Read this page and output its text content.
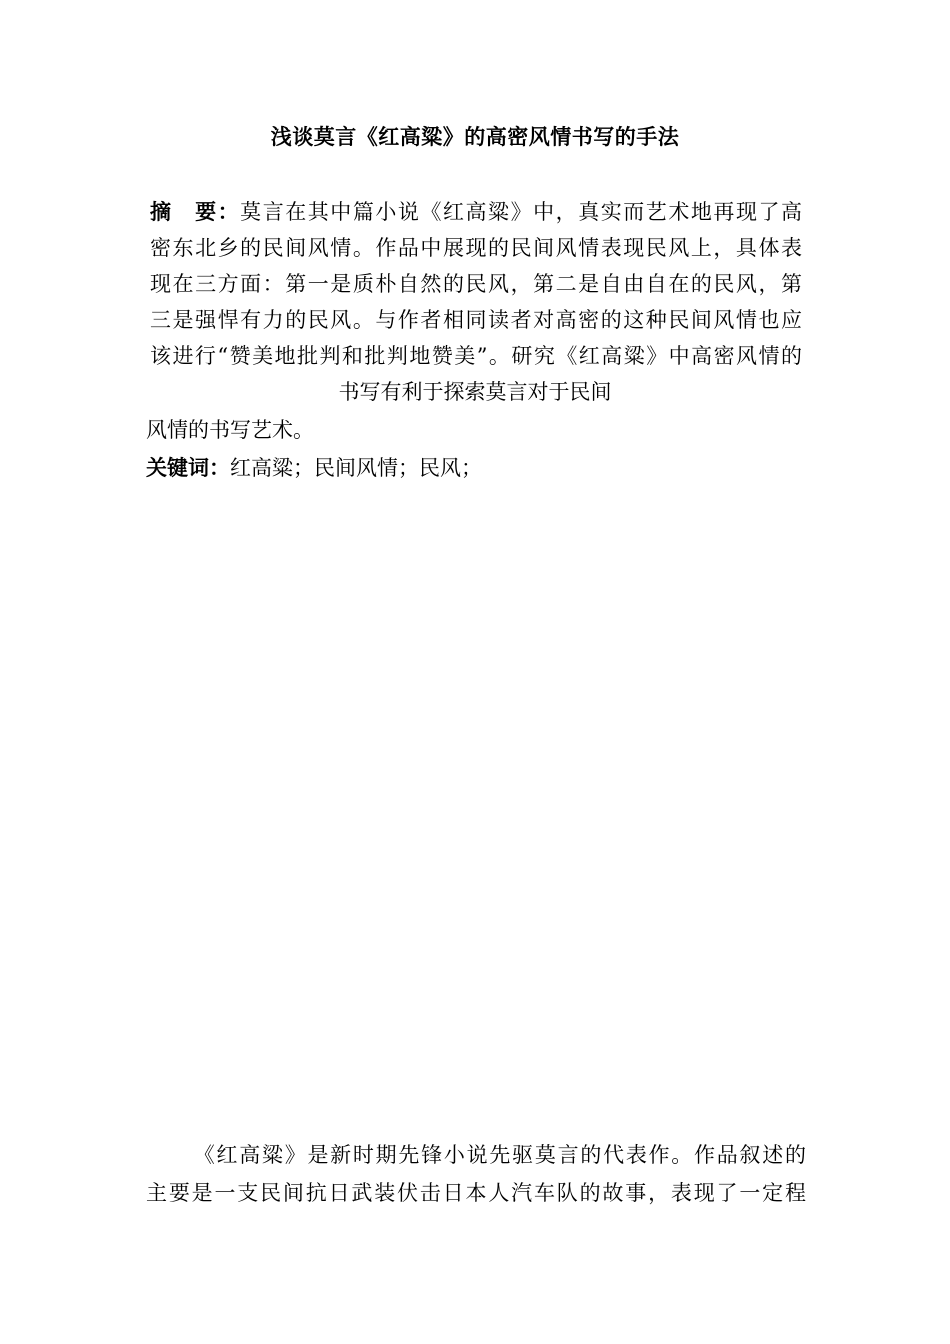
浅谈莫言《红高粱》的高密风情书写的手法
摘　要：莫言在其中篇小说《红高粱》中，真实而艺术地再现了高
密东北乡的民间风情。作品中展现的民间风情表现民风上，具体表
现在三方面：第一是质朴自然的民风，第二是自由自在的民风，第
三是强悍有力的民风。与作者相同读者对高密的这种民间风情也应
该进行“赞美地批判和批判地赞美”。研究《红高粱》中高密风情的
书写有利于探索莫言对于民间
风情的书写艺术。
关键词：红高粱；民间风情；民风；

《红高粱》是新时期先锋小说先驱莫言的代表作。作品叙述的

主要是一支民间抗日武装伏击日本人汽车队的故事，表现了一定程
